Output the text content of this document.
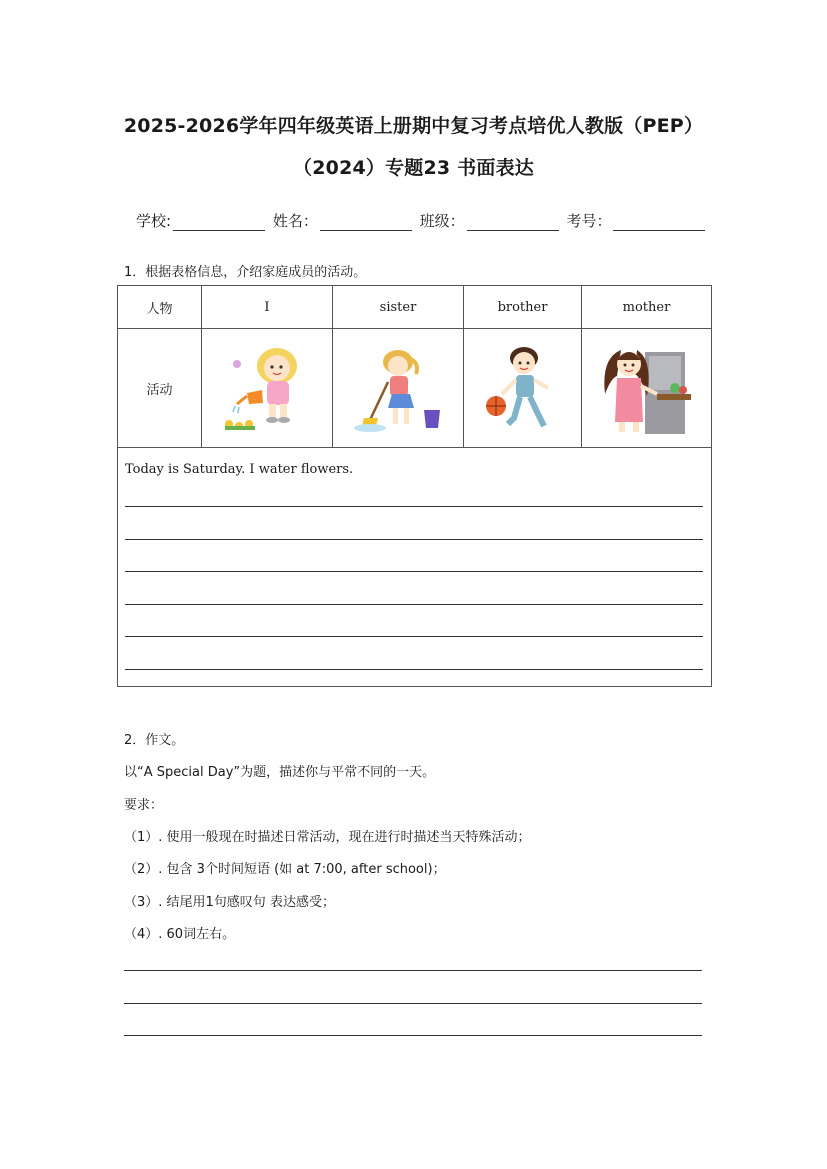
2025-2026学年四年级英语上册期中复习考点培优人教版（PEP）
（2024）专题23 书面表达
学校:	姓名：	班级：	考号：
1．根据表格信息，介绍家庭成员的活动。
人物	I	sister	brother	mother
活动	

Today is Saturday. I water flowers.				
2．作文。
以“A Special Day”为题，描述你与平常不同的一天。
要求：
（1）. 使用一般现在时描述日常活动，现在进行时描述当天特殊活动；
（2）. 包含 3个时间短语 (如 at 7:00, after school)；
（3）. 结尾用1句感叹句 表达感受；
（4）. 60词左右。
